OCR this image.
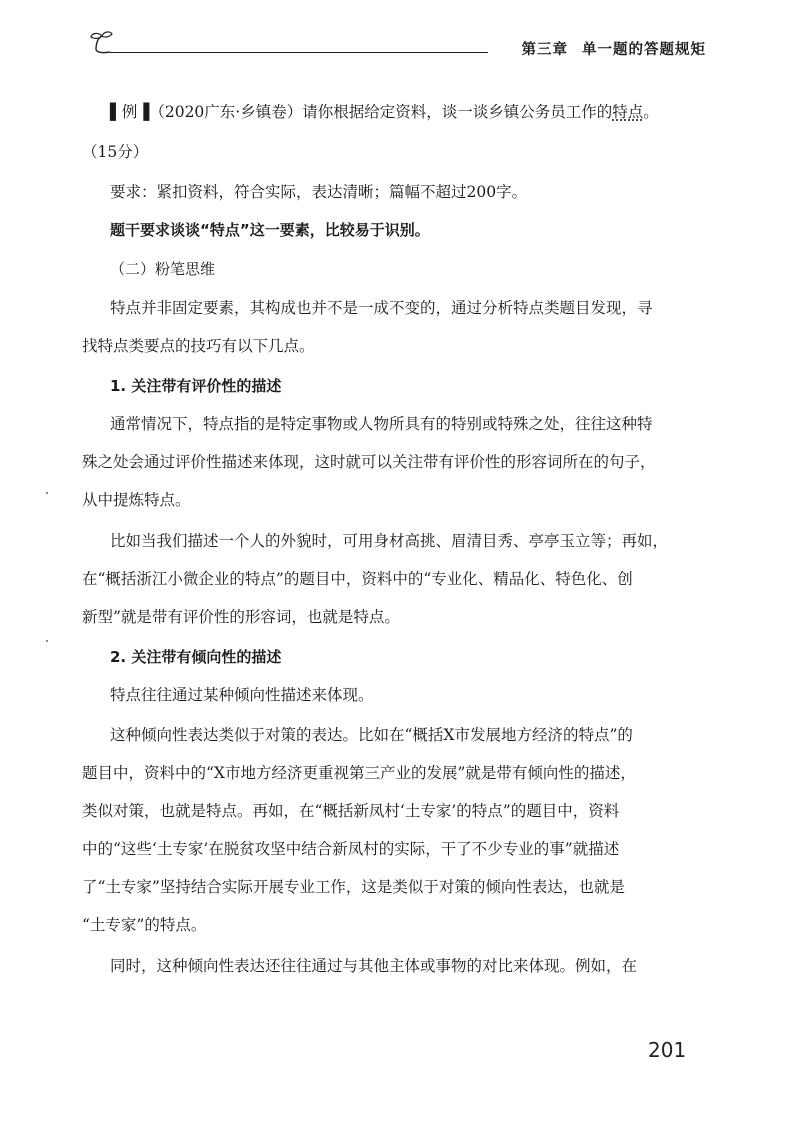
第三章 单一题的答题规矩
▌例▐（2020广东·乡镇卷）请你根据给定资料，谈一谈乡镇公务员工作的特点。
（15分）
要求：紧扣资料，符合实际，表达清晰；篇幅不超过200字。
题干要求谈谈“特点”这一要素，比较易于识别。
（二）粉笔思维
特点并非固定要素，其构成也并不是一成不变的，通过分析特点类题目发现，寻
找特点类要点的技巧有以下几点。
1. 关注带有评价性的描述
通常情况下，特点指的是特定事物或人物所具有的特别或特殊之处，往往这种特
殊之处会通过评价性描述来体现，这时就可以关注带有评价性的形容词所在的句子，
从中提炼特点。
比如当我们描述一个人的外貌时，可用身材高挑、眉清目秀、亭亭玉立等；再如，
在“概括浙江小微企业的特点”的题目中，资料中的“专业化、精品化、特色化、创
新型”就是带有评价性的形容词，也就是特点。
2. 关注带有倾向性的描述
特点往往通过某种倾向性描述来体现。
这种倾向性表达类似于对策的表达。比如在“概括X市发展地方经济的特点”的
题目中，资料中的“X市地方经济更重视第三产业的发展”就是带有倾向性的描述，
类似对策，也就是特点。再如，在“概括新凤村‘土专家’的特点”的题目中，资料
中的“这些‘土专家’在脱贫攻坚中结合新凤村的实际，干了不少专业的事”就描述
了“土专家”坚持结合实际开展专业工作，这是类似于对策的倾向性表达，也就是
“土专家”的特点。
同时，这种倾向性表达还往往通过与其他主体或事物的对比来体现。例如，在
201
